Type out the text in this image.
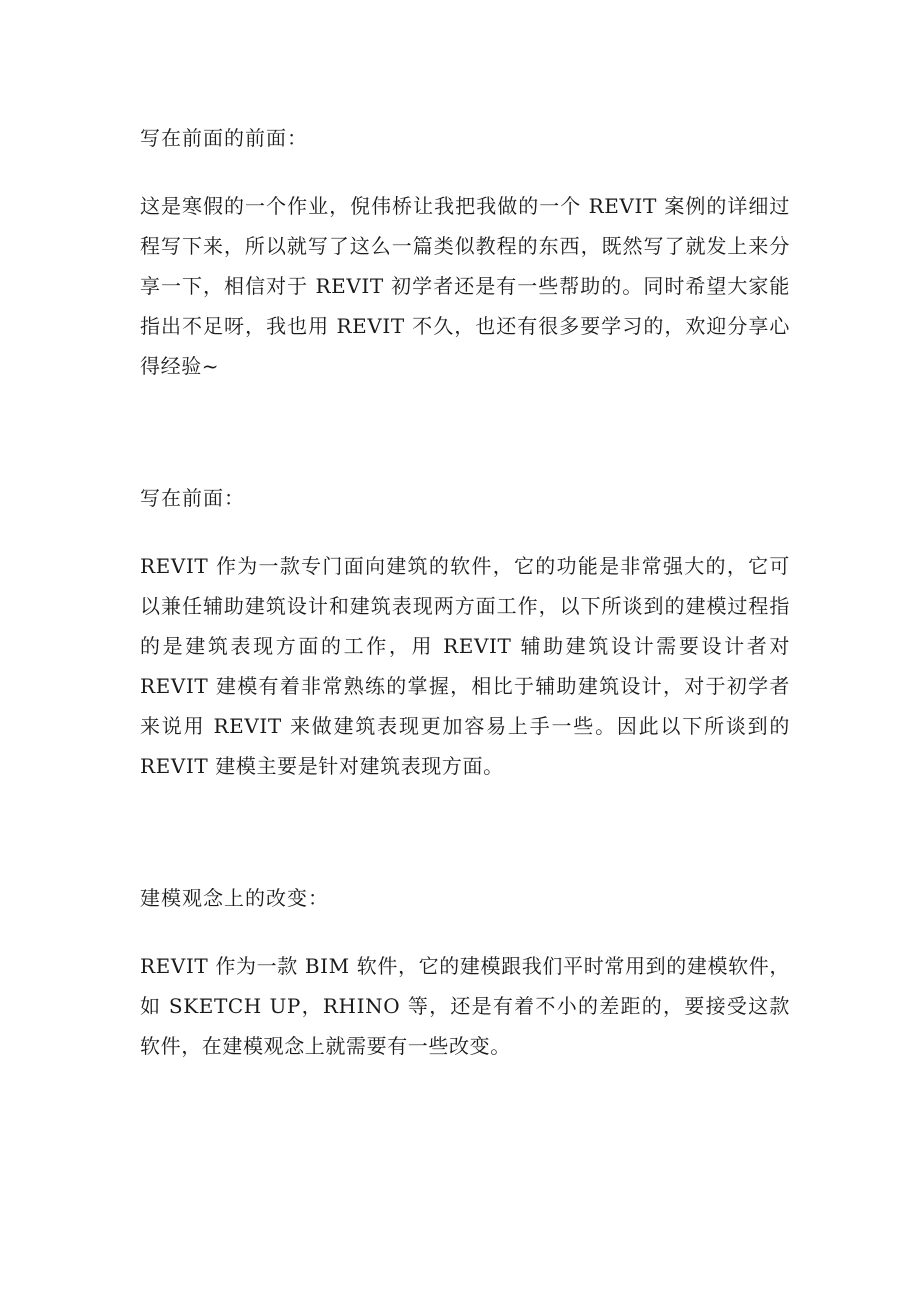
写在前面的前面：

这是寒假的一个作业，倪伟桥让我把我做的一个 REVIT 案例的详细过程写下来，所以就写了这么一篇类似教程的东西，既然写了就发上来分享一下，相信对于 REVIT 初学者还是有一些帮助的。同时希望大家能指出不足呀，我也用 REVIT 不久，也还有很多要学习的，欢迎分享心得经验~

写在前面：

REVIT 作为一款专门面向建筑的软件，它的功能是非常强大的，它可以兼任辅助建筑设计和建筑表现两方面工作，以下所谈到的建模过程指的是建筑表现方面的工作，用 REVIT 辅助建筑设计需要设计者对 REVIT 建模有着非常熟练的掌握，相比于辅助建筑设计，对于初学者来说用 REVIT 来做建筑表现更加容易上手一些。因此以下所谈到的 REVIT 建模主要是针对建筑表现方面。

建模观念上的改变：

REVIT 作为一款 BIM 软件，它的建模跟我们平时常用到的建模软件，如 SKETCH UP，RHINO 等，还是有着不小的差距的，要接受这款软件，在建模观念上就需要有一些改变。
